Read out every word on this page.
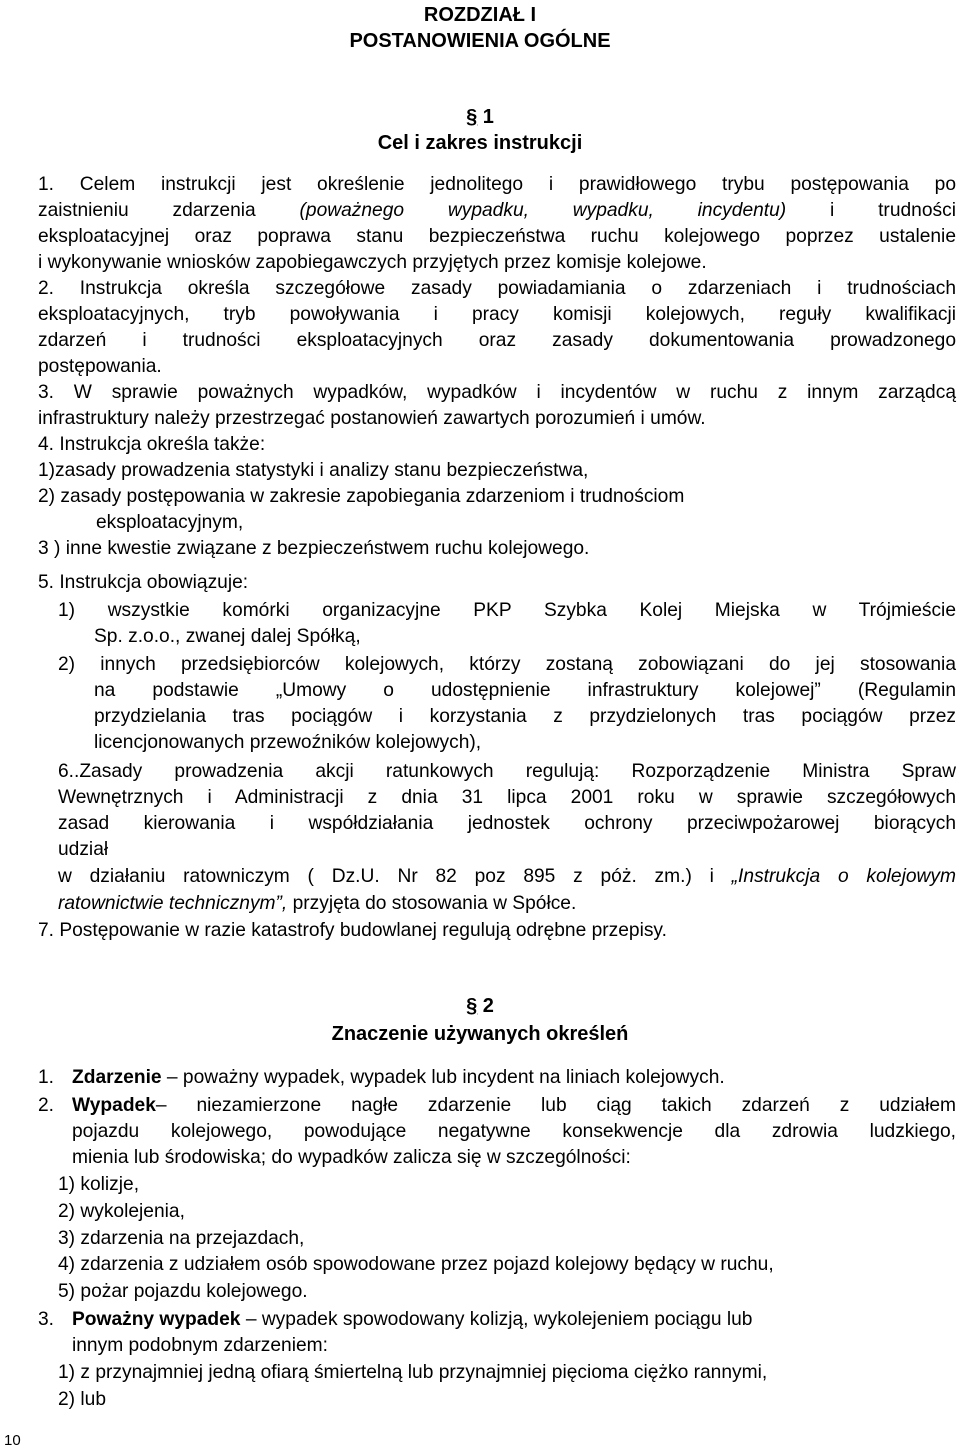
ROZDZIAŁ I
POSTANOWIENIA OGÓLNE
§ 1
Cel i zakres instrukcji
1. Celem instrukcji jest określenie jednolitego i prawidłowego trybu postępowania po
zaistnieniu zdarzenia (poważnego wypadku, wypadku, incydentu) i trudności
eksploatacyjnej oraz poprawa stanu bezpieczeństwa ruchu kolejowego poprzez ustalenie
i wykonywanie wniosków zapobiegawczych przyjętych przez komisje kolejowe.
2. Instrukcja określa szczegółowe zasady powiadamiania o zdarzeniach i trudnościach
eksploatacyjnych, tryb powoływania i pracy komisji kolejowych, reguły kwalifikacji
zdarzeń i trudności eksploatacyjnych oraz zasady dokumentowania prowadzonego
postępowania.
3. W sprawie poważnych wypadków, wypadków i incydentów w ruchu z innym zarządcą
infrastruktury należy przestrzegać postanowień zawartych porozumień i umów.
4. Instrukcja określa także:
1)zasady prowadzenia statystyki i analizy stanu bezpieczeństwa,
2) zasady postępowania w zakresie zapobiegania zdarzeniom i trudnościom
eksploatacyjnym,
3 ) inne kwestie związane z bezpieczeństwem ruchu kolejowego.
5. Instrukcja obowiązuje:
1) wszystkie komórki organizacyjne PKP Szybka Kolej Miejska w Trójmieście
Sp. z.o.o., zwanej dalej Spółką,
2) innych przedsiębiorców kolejowych, którzy zostaną zobowiązani do jej stosowania
na podstawie „Umowy o udostępnienie infrastruktury kolejowej” (Regulamin
przydzielania tras pociągów i korzystania z przydzielonych tras pociągów przez
licencjonowanych przewoźników kolejowych),
6..Zasady prowadzenia akcji ratunkowych regulują: Rozporządzenie Ministra Spraw
Wewnętrznych i Administracji z dnia 31 lipca 2001 roku w sprawie szczegółowych
zasad kierowania i współdziałania jednostek ochrony przeciwpożarowej biorących
udział
w działaniu ratowniczym ( Dz.U. Nr 82 poz 895 z póż. zm.) i „Instrukcja o kolejowym
ratownictwie technicznym”, przyjęta do stosowania w Spółce.
7. Postępowanie w razie katastrofy budowlanej regulują odrębne przepisy.
§ 2
Znaczenie używanych określeń
1. Zdarzenie – poważny wypadek, wypadek lub incydent na liniach kolejowych.
2. Wypadek– niezamierzone nagłe zdarzenie lub ciąg takich zdarzeń z udziałem
pojazdu kolejowego, powodujące negatywne konsekwencje dla zdrowia ludzkiego,
mienia lub środowiska; do wypadków zalicza się w szczególności:
1) kolizje,
2) wykolejenia,
3) zdarzenia na przejazdach,
4) zdarzenia z udziałem osób spowodowane przez pojazd kolejowy będący w ruchu,
5) pożar pojazdu kolejowego.
3. Poważny wypadek – wypadek spowodowany kolizją, wykolejeniem pociągu lub
innym podobnym zdarzeniem:
1) z przynajmniej jedną ofiarą śmiertelną lub przynajmniej pięcioma ciężko rannymi,
2) lub
10
